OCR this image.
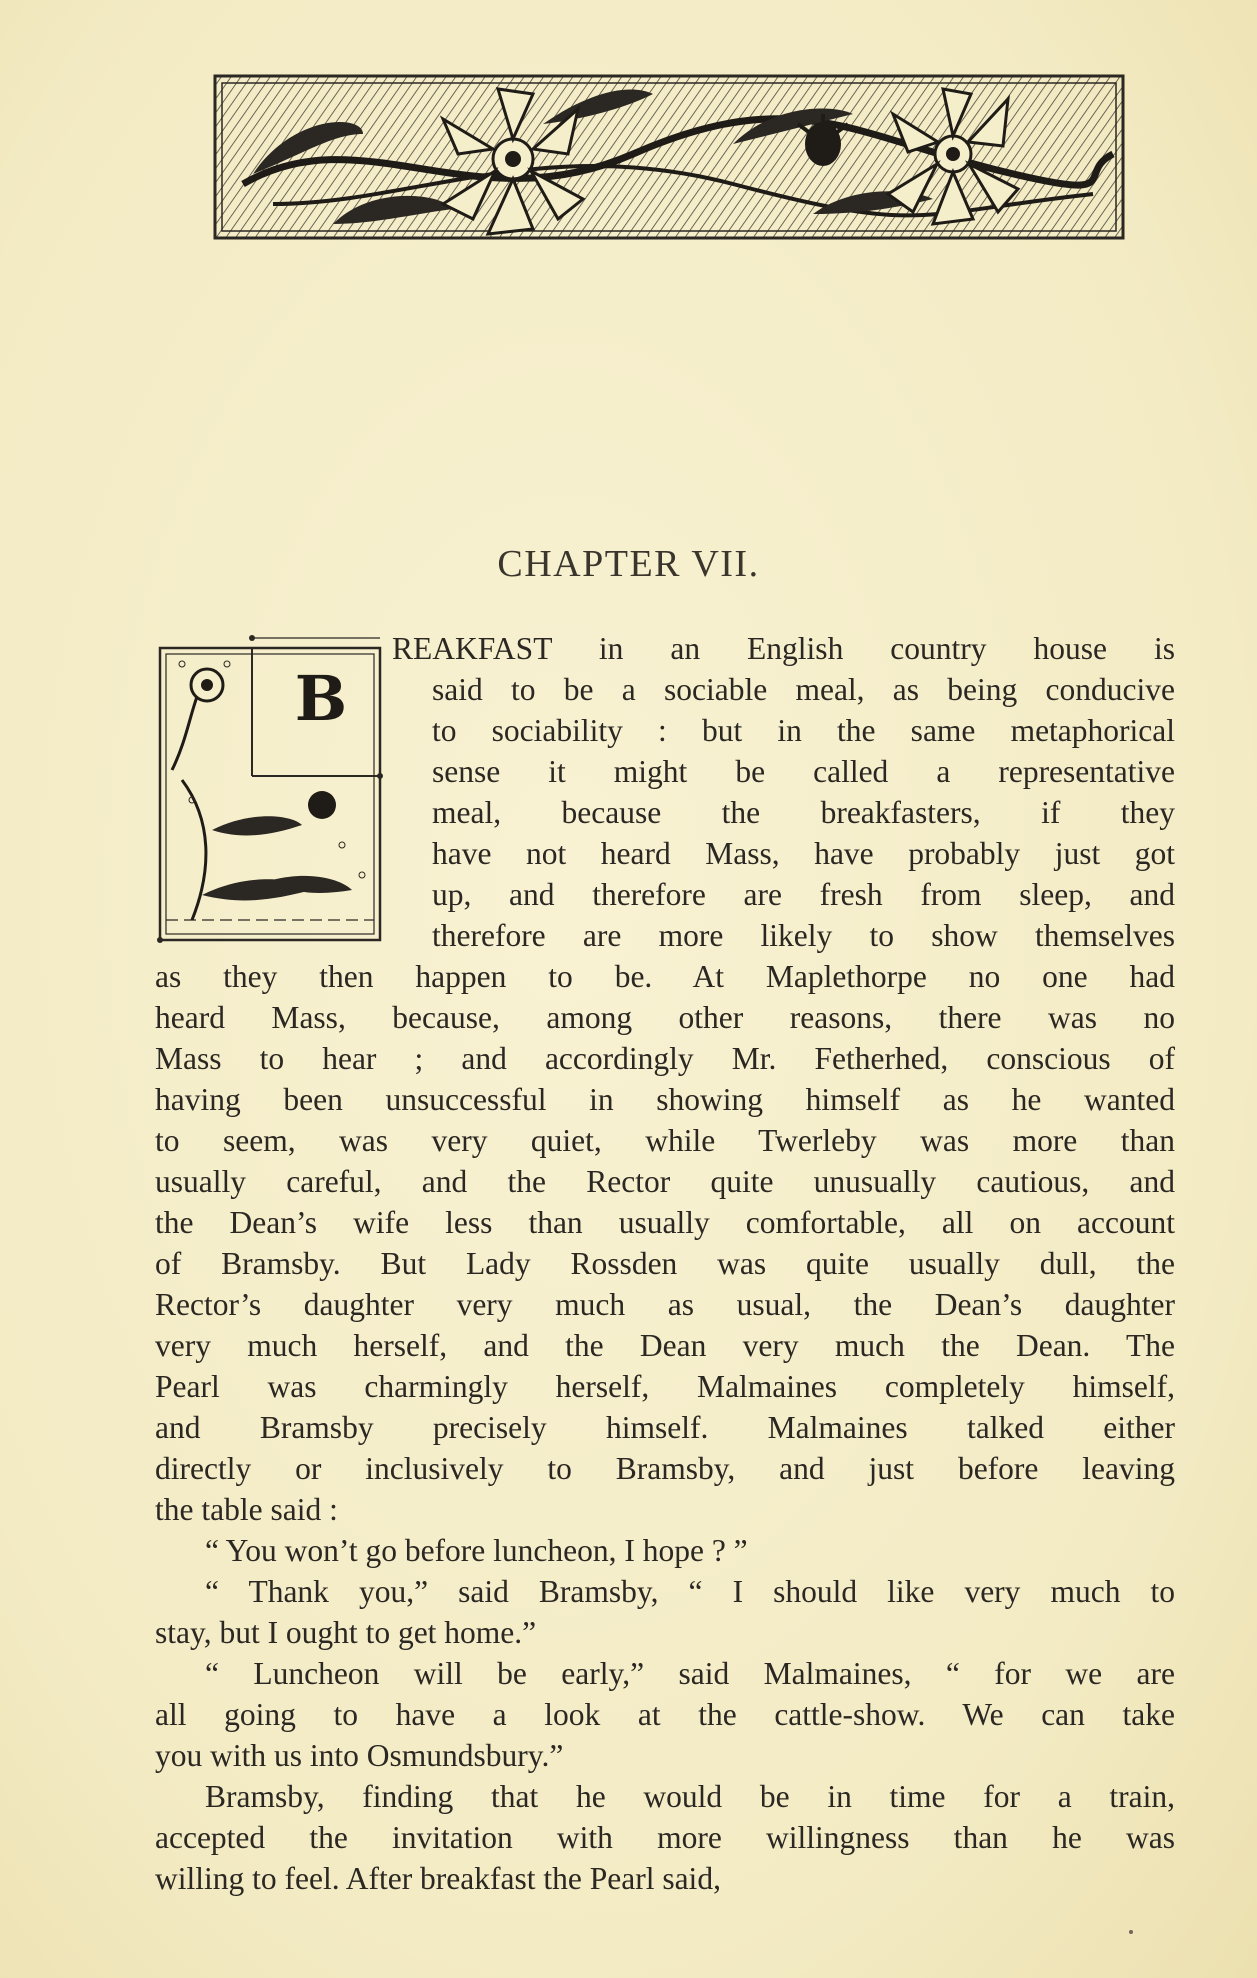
CHAPTER VII.
B
REAKFAST in an English country house is
said to be a sociable meal, as being conducive
to sociability : but in the same metaphorical
sense it might be called a representative
meal, because the breakfasters, if they
have not heard Mass, have probably just got
up, and therefore are fresh from sleep, and
therefore are more likely to show themselves
as they then happen to be. At Maplethorpe no one had
heard Mass, because, among other reasons, there was no
Mass to hear ; and accordingly Mr. Fetherhed, conscious of
having been unsuccessful in showing himself as he wanted
to seem, was very quiet, while Twerleby was more than
usually careful, and the Rector quite unusually cautious, and
the Dean’s wife less than usually comfortable, all on account
of Bramsby. But Lady Rossden was quite usually dull, the
Rector’s daughter very much as usual, the Dean’s daughter
very much herself, and the Dean very much the Dean. The
Pearl was charmingly herself, Malmaines completely himself,
and Bramsby precisely himself. Malmaines talked either
directly or inclusively to Bramsby, and just before leaving
the table said :
“ You won’t go before luncheon, I hope ? ”
“ Thank you,” said Bramsby, “ I should like very much to
stay, but I ought to get home.”
“ Luncheon will be early,” said Malmaines, “ for we are
all going to have a look at the cattle-show. We can take
you with us into Osmundsbury.”
Bramsby, finding that he would be in time for a train,
accepted the invitation with more willingness than he was
willing to feel. After breakfast the Pearl said,
